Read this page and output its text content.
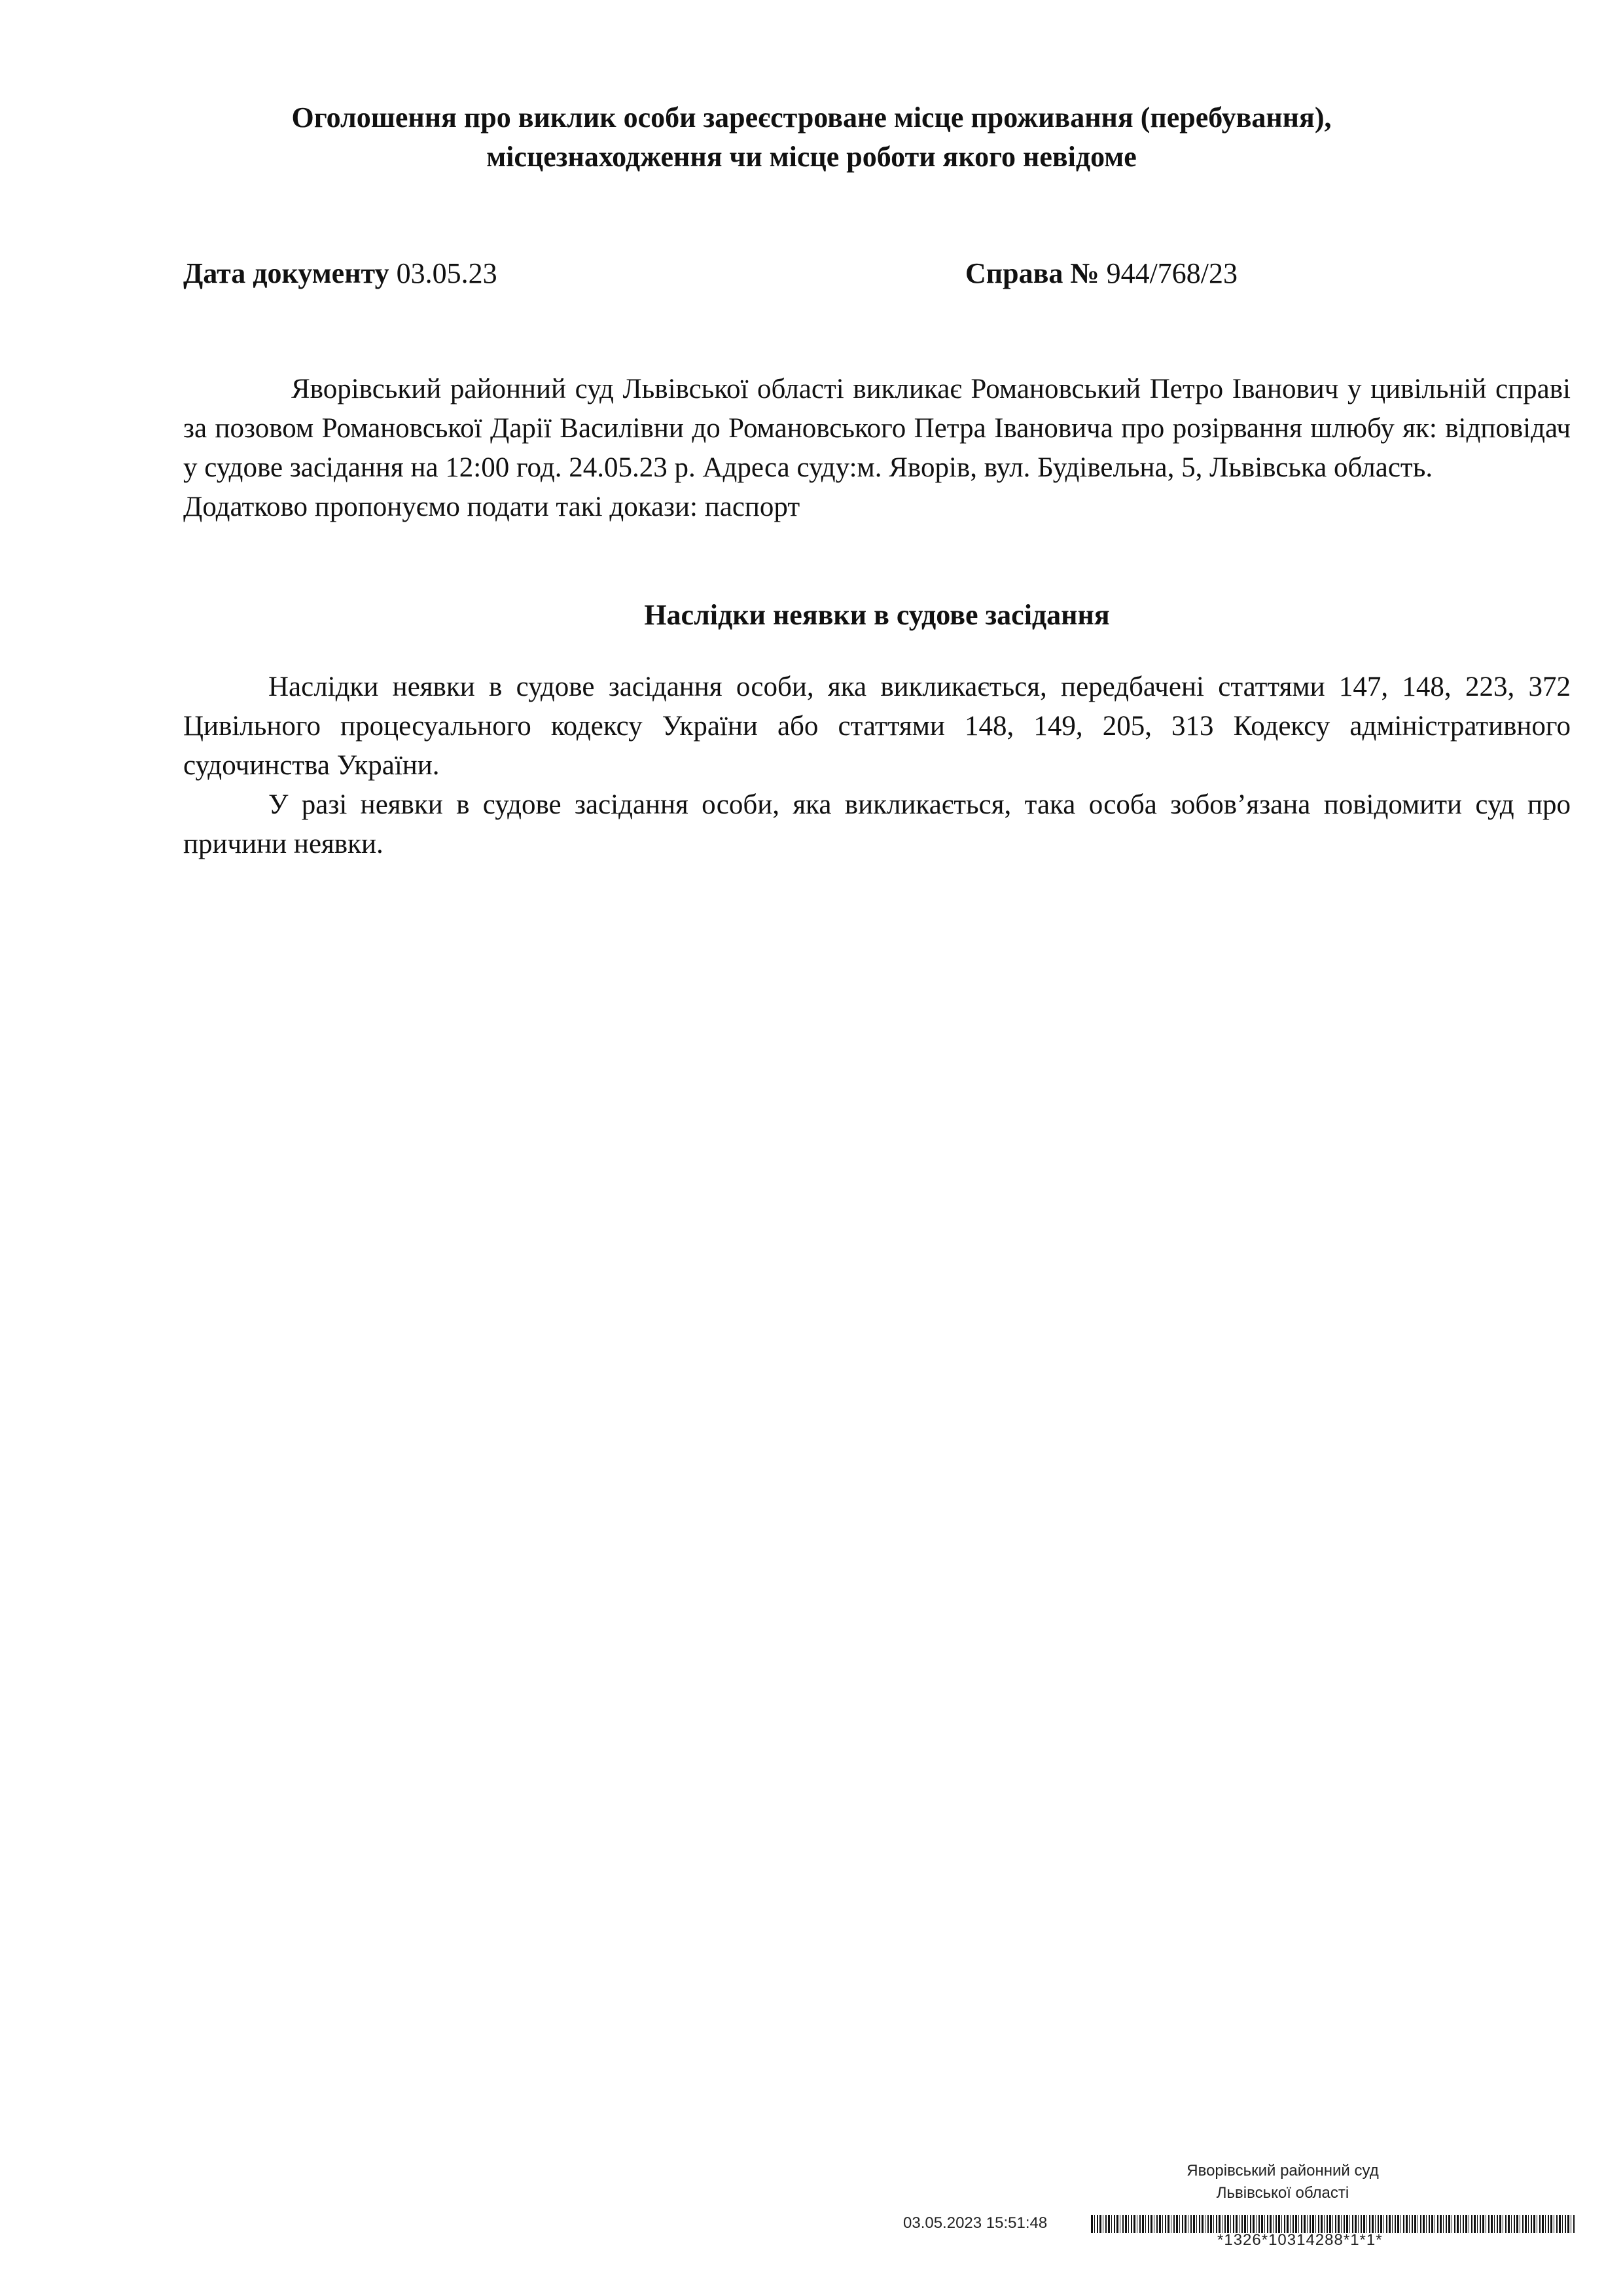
Оголошення про виклик особи зареєстроване місце проживання (перебування),
місцезнаходження чи місце роботи якого невідоме
Дата документу 03.05.23	Справа № 944/768/23

Яворівський районний суд Львівської області викликає Романовський Петро Іванович у цивільній справі за позовом Романовської Дарії Василівни до Романовського Петра Івановича про розірвання шлюбу як: відповідач у судове засідання на 12:00 год. 24.05.23 р. Адреса суду:м. Яворів, вул. Будівельна, 5, Львівська область.

Додатково пропонуємо подати такі докази: паспорт

Наслідки неявки в судове засідання

Наслідки неявки в судове засідання особи, яка викликається, передбачені статтями 147, 148, 223, 372 Цивільного процесуального кодексу України або статтями 148, 149, 205, 313 Кодексу адміністративного судочинства України.

У разі неявки в судове засідання особи, яка викликається, така особа зобов’язана повідомити суд про причини неявки.

Яворівський районний суд
Львівської області
03.05.2023 15:51:48
*1326*10314288*1*1*
